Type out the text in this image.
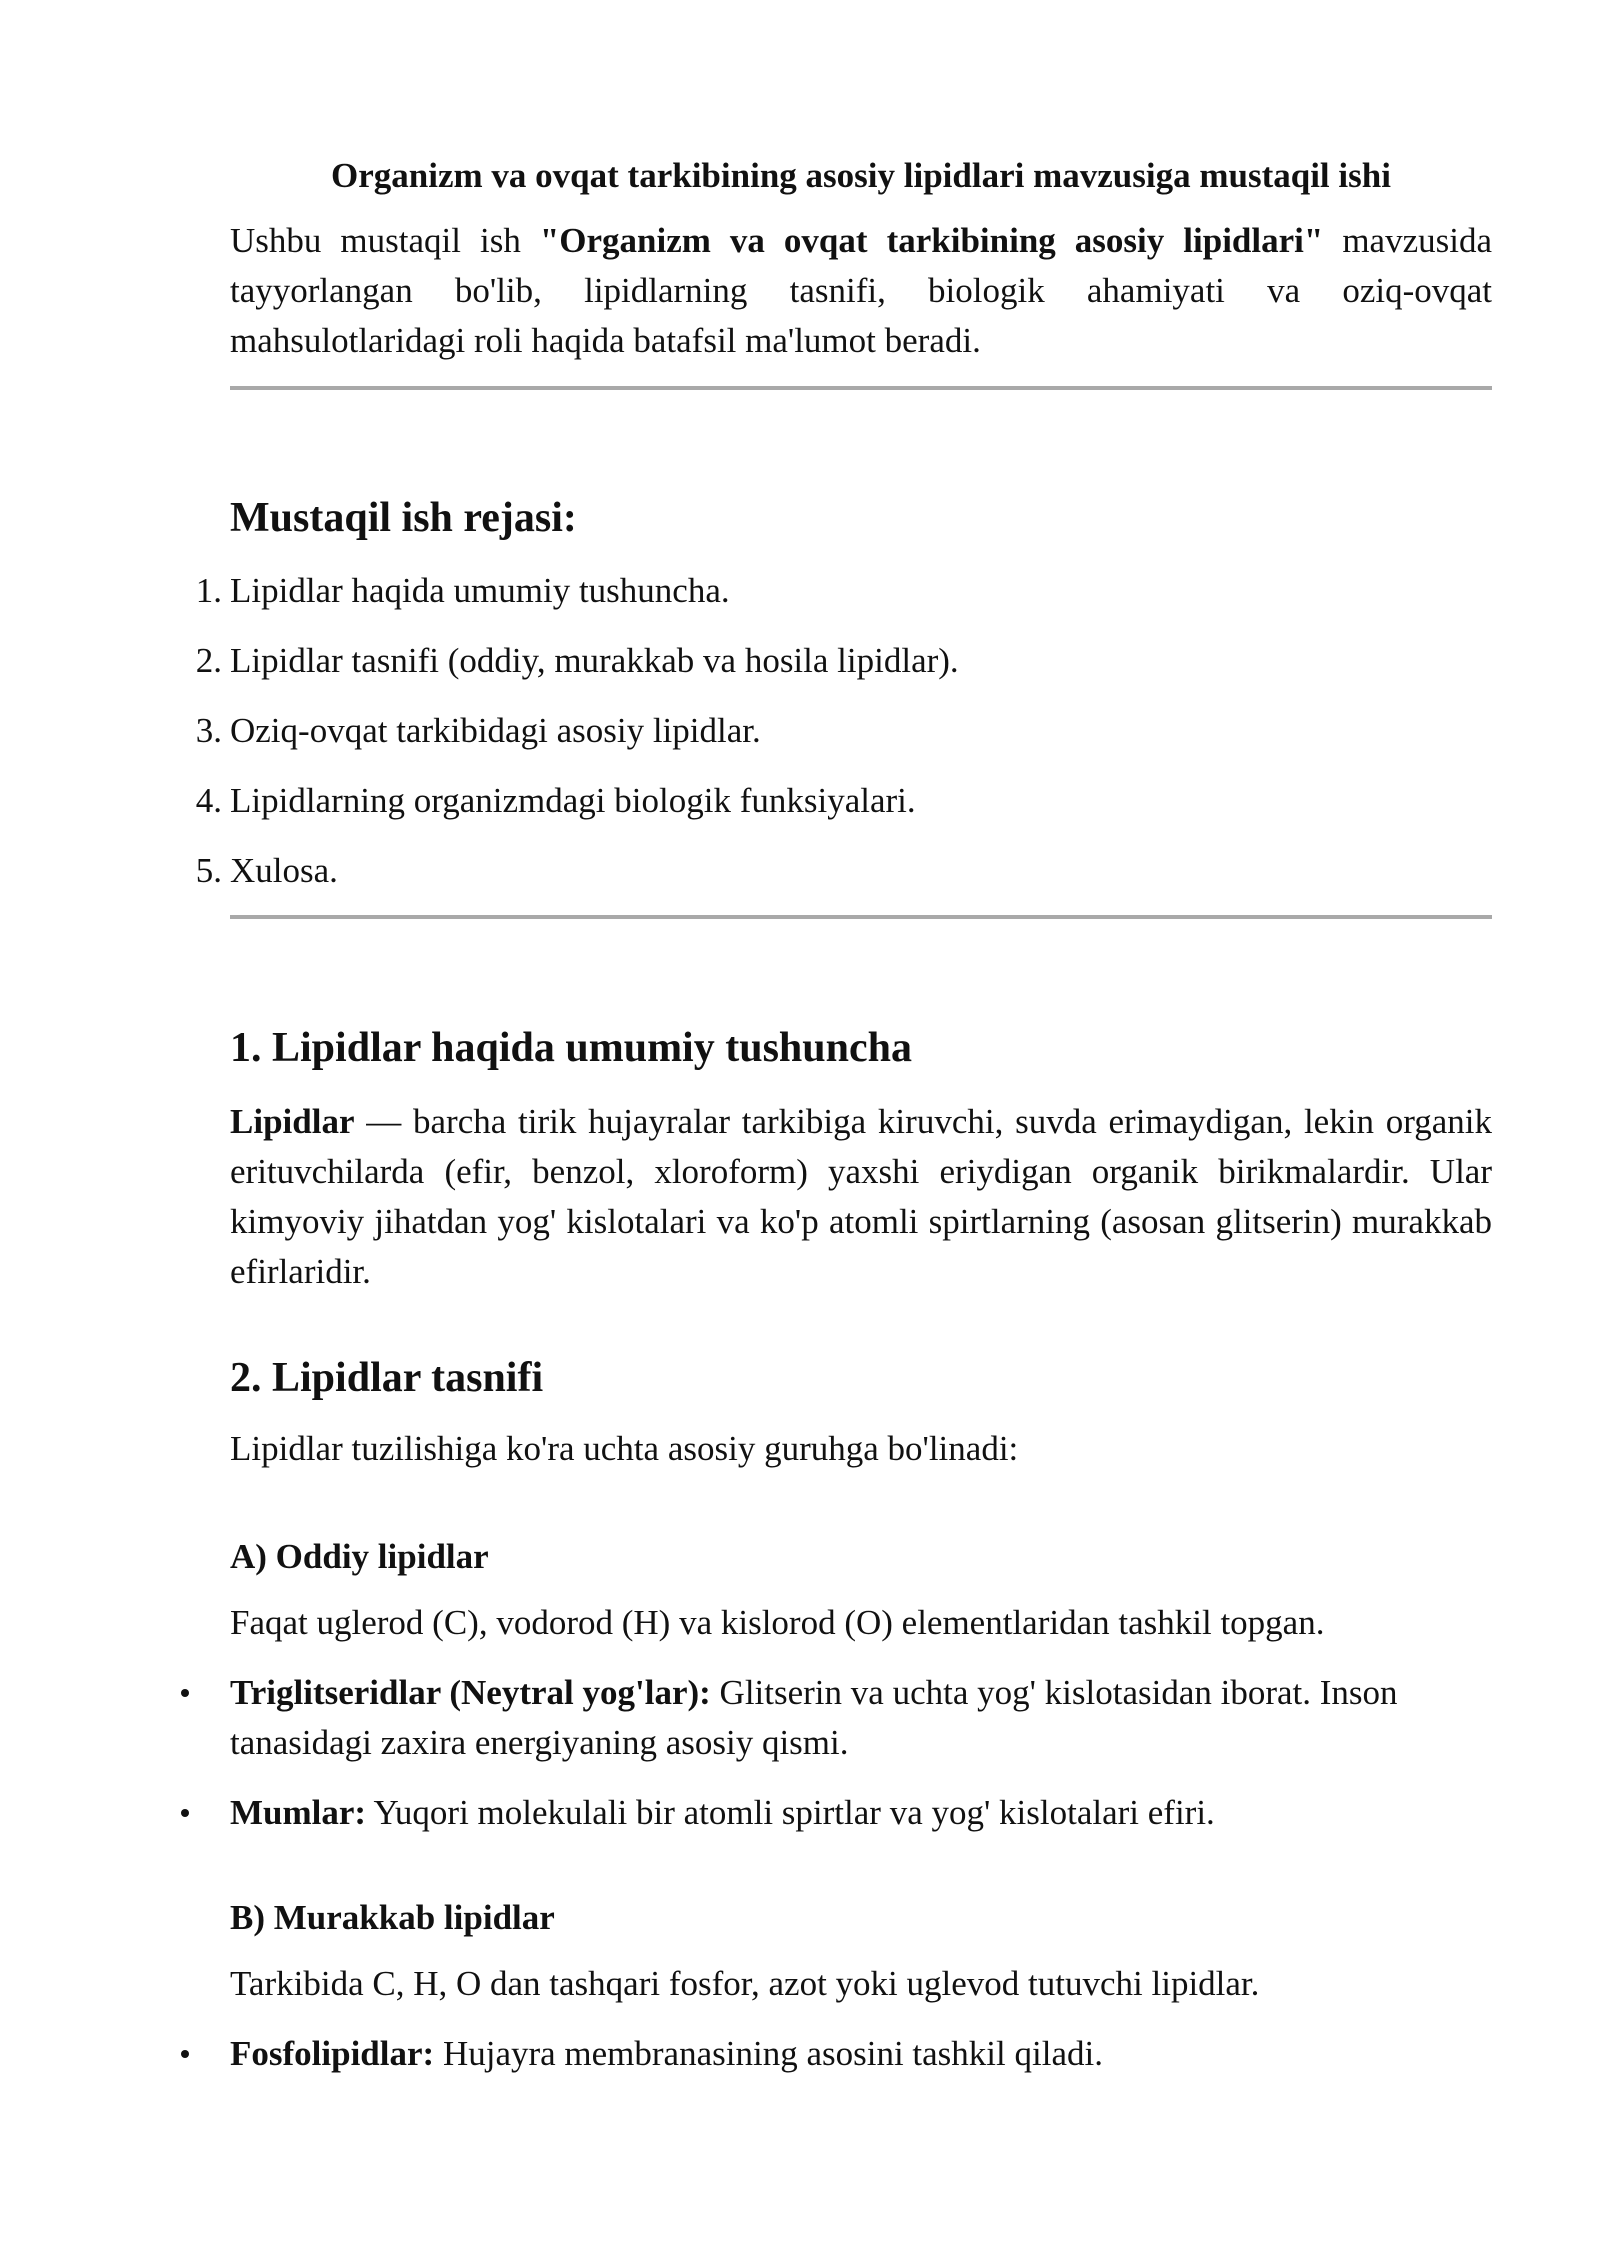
Organizm va ovqat tarkibining asosiy lipidlari mavzusiga mustaqil ishi

Ushbu mustaqil ish "Organizm va ovqat tarkibining asosiy lipidlari" mavzusida tayyorlangan bo'lib, lipidlarning tasnifi, biologik ahamiyati va oziq-ovqat mahsulotlaridagi roli haqida batafsil ma'lumot beradi.

Mustaqil ish rejasi:
1. Lipidlar haqida umumiy tushuncha.
2. Lipidlar tasnifi (oddiy, murakkab va hosila lipidlar).
3. Oziq-ovqat tarkibidagi asosiy lipidlar.
4. Lipidlarning organizmdagi biologik funksiyalari.
5. Xulosa.
1. Lipidlar haqida umumiy tushuncha

Lipidlar — barcha tirik hujayralar tarkibiga kiruvchi, suvda erimaydigan, lekin organik erituvchilarda (efir, benzol, xloroform) yaxshi eriydigan organik birikmalardir. Ular kimyoviy jihatdan yog' kislotalari va ko'p atomli spirtlarning (asosan glitserin) murakkab efirlaridir.

2. Lipidlar tasnifi

Lipidlar tuzilishiga ko'ra uchta asosiy guruhga bo'linadi:

A) Oddiy lipidlar

Faqat uglerod (C), vodorod (H) va kislorod (O) elementlaridan tashkil topgan.

Triglitseridlar (Neytral yog'lar): Glitserin va uchta yog' kislotasidan iborat. Inson tanasidagi zaxira energiyaning asosiy qismi.
Mumlar: Yuqori molekulali bir atomli spirtlar va yog' kislotalari efiri.
B) Murakkab lipidlar

Tarkibida C, H, O dan tashqari fosfor, azot yoki uglevod tutuvchi lipidlar.

Fosfolipidlar: Hujayra membranasining asosini tashkil qiladi.
